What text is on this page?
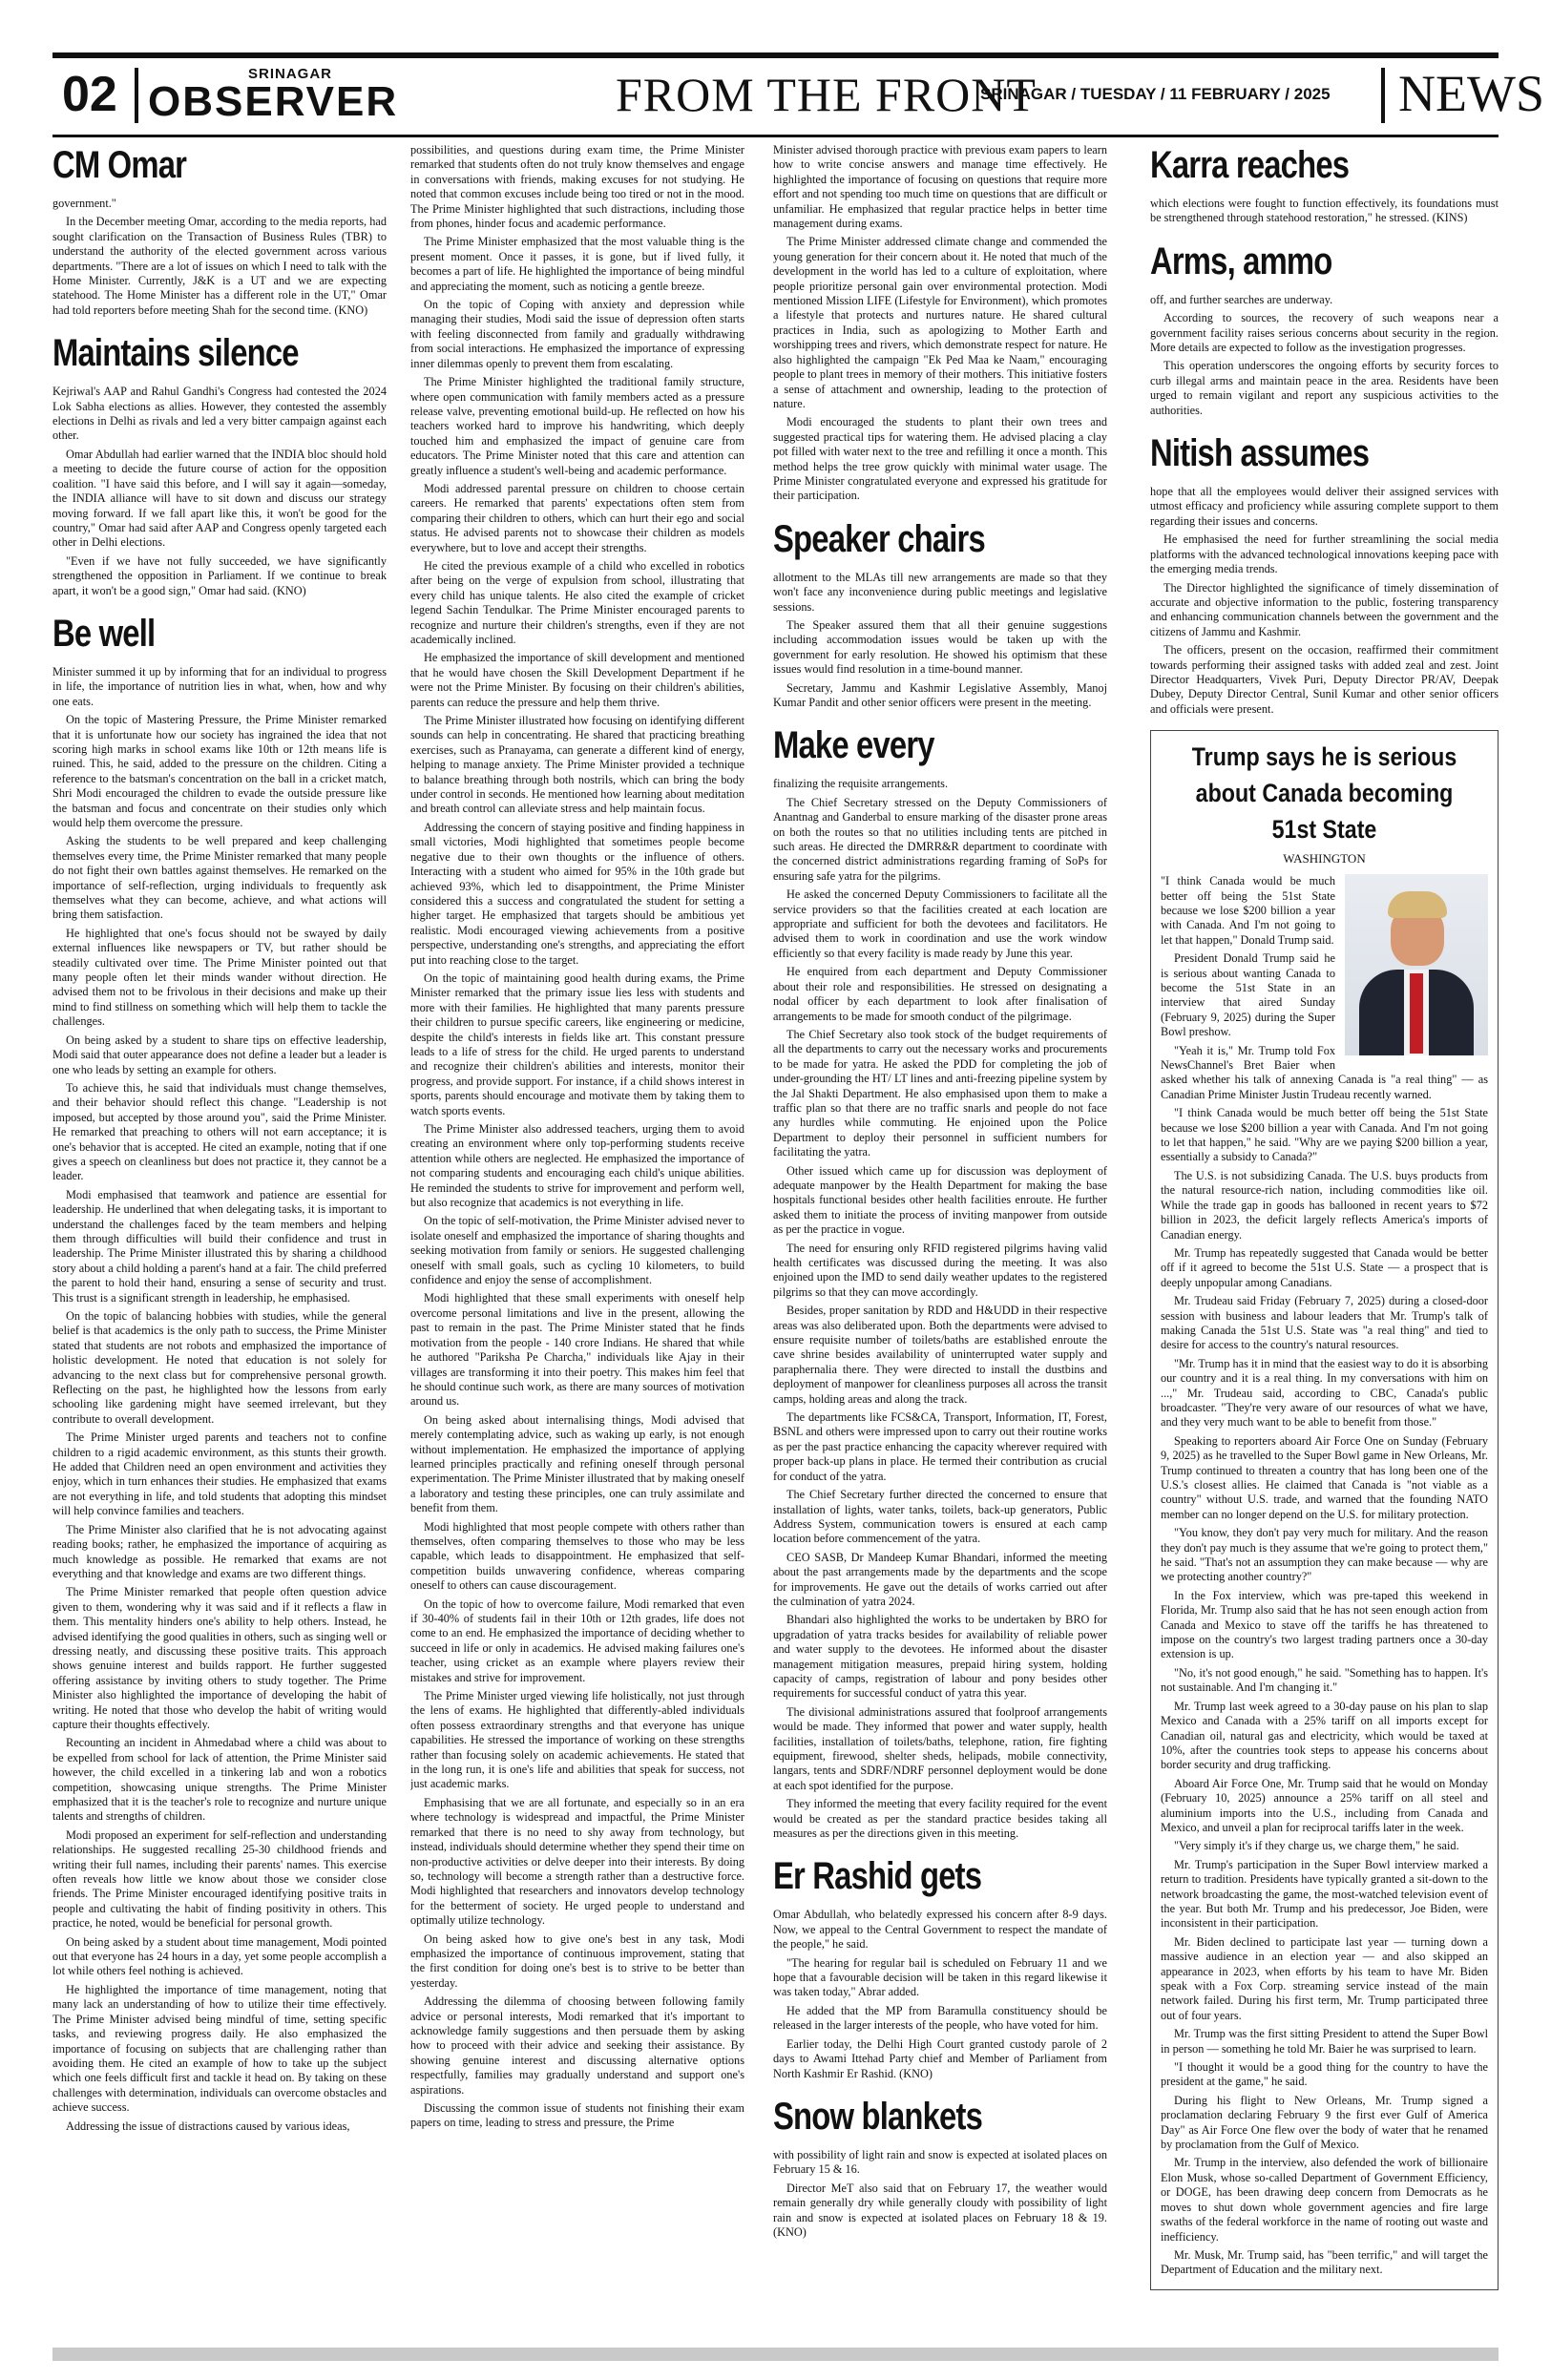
02	SRINAGAR
OBSERVER	FROM THE FRONT
SRINAGAR / TUESDAY / 11 FEBRUARY / 2025 NEWS
CM Omar

government."

In the December meeting Omar, according to the media reports, had sought clarification on the Transaction of Business Rules (TBR) to understand the authority of the elected government across various departments. "There are a lot of issues on which I need to talk with the Home Minister. Currently, J&K is a UT and we are expecting statehood. The Home Minister has a different role in the UT," Omar had told reporters before meeting Shah for the second time. (KNO)

Maintains silence

Kejriwal's AAP and Rahul Gandhi's Congress had contested the 2024 Lok Sabha elections as allies. However, they contested the assembly elections in Delhi as rivals and led a very bitter campaign against each other.

Omar Abdullah had earlier warned that the INDIA bloc should hold a meeting to decide the future course of action for the opposition coalition. "I have said this before, and I will say it again—someday, the INDIA alliance will have to sit down and discuss our strategy moving forward. If we fall apart like this, it won't be good for the country," Omar had said after AAP and Congress openly targeted each other in Delhi elections.

"Even if we have not fully succeeded, we have significantly strengthened the opposition in Parliament. If we continue to break apart, it won't be a good sign," Omar had said. (KNO)

Be well

Minister summed it up by informing that for an individual to progress in life, the importance of nutrition lies in what, when, how and why one eats.

On the topic of Mastering Pressure, the Prime Minister remarked that it is unfortunate how our society has ingrained the idea that not scoring high marks in school exams like 10th or 12th means life is ruined. This, he said, added to the pressure on the children. Citing a reference to the batsman's concentration on the ball in a cricket match, Shri Modi encouraged the children to evade the outside pressure like the batsman and focus and concentrate on their studies only which would help them overcome the pressure.

Asking the students to be well prepared and keep challenging themselves every time, the Prime Minister remarked that many people do not fight their own battles against themselves. He remarked on the importance of self-reflection, urging individuals to frequently ask themselves what they can become, achieve, and what actions will bring them satisfaction.

He highlighted that one's focus should not be swayed by daily external influences like newspapers or TV, but rather should be steadily cultivated over time. The Prime Minister pointed out that many people often let their minds wander without direction. He advised them not to be frivolous in their decisions and make up their mind to find stillness on something which will help them to tackle the challenges.

On being asked by a student to share tips on effective leadership, Modi said that outer appearance does not define a leader but a leader is one who leads by setting an example for others.

To achieve this, he said that individuals must change themselves, and their behavior should reflect this change. "Leadership is not imposed, but accepted by those around you", said the Prime Minister. He remarked that preaching to others will not earn acceptance; it is one's behavior that is accepted. He cited an example, noting that if one gives a speech on cleanliness but does not practice it, they cannot be a leader.

Modi emphasised that teamwork and patience are essential for leadership. He underlined that when delegating tasks, it is important to understand the challenges faced by the team members and helping them through difficulties will build their confidence and trust in leadership. The Prime Minister illustrated this by sharing a childhood story about a child holding a parent's hand at a fair. The child preferred the parent to hold their hand, ensuring a sense of security and trust. This trust is a significant strength in leadership, he emphasised.

On the topic of balancing hobbies with studies, while the general belief is that academics is the only path to success, the Prime Minister stated that students are not robots and emphasized the importance of holistic development. He noted that education is not solely for advancing to the next class but for comprehensive personal growth. Reflecting on the past, he highlighted how the lessons from early schooling like gardening might have seemed irrelevant, but they contribute to overall development.

The Prime Minister urged parents and teachers not to confine children to a rigid academic environment, as this stunts their growth. He added that Children need an open environment and activities they enjoy, which in turn enhances their studies. He emphasized that exams are not everything in life, and told students that adopting this mindset will help convince families and teachers.

The Prime Minister also clarified that he is not advocating against reading books; rather, he emphasized the importance of acquiring as much knowledge as possible. He remarked that exams are not everything and that knowledge and exams are two different things.

The Prime Minister remarked that people often question advice given to them, wondering why it was said and if it reflects a flaw in them. This mentality hinders one's ability to help others. Instead, he advised identifying the good qualities in others, such as singing well or dressing neatly, and discussing these positive traits. This approach shows genuine interest and builds rapport. He further suggested offering assistance by inviting others to study together. The Prime Minister also highlighted the importance of developing the habit of writing. He noted that those who develop the habit of writing would capture their thoughts effectively.

Recounting an incident in Ahmedabad where a child was about to be expelled from school for lack of attention, the Prime Minister said however, the child excelled in a tinkering lab and won a robotics competition, showcasing unique strengths. The Prime Minister emphasized that it is the teacher's role to recognize and nurture unique talents and strengths of children.

Modi proposed an experiment for self-reflection and understanding relationships. He suggested recalling 25-30 childhood friends and writing their full names, including their parents' names. This exercise often reveals how little we know about those we consider close friends. The Prime Minister encouraged identifying positive traits in people and cultivating the habit of finding positivity in others. This practice, he noted, would be beneficial for personal growth.

On being asked by a student about time management, Modi pointed out that everyone has 24 hours in a day, yet some people accomplish a lot while others feel nothing is achieved.

He highlighted the importance of time management, noting that many lack an understanding of how to utilize their time effectively. The Prime Minister advised being mindful of time, setting specific tasks, and reviewing progress daily. He also emphasized the importance of focusing on subjects that are challenging rather than avoiding them. He cited an example of how to take up the subject which one feels difficult first and tackle it head on. By taking on these challenges with determination, individuals can overcome obstacles and achieve success.

Addressing the issue of distractions caused by various ideas,

possibilities, and questions during exam time, the Prime Minister remarked that students often do not truly know themselves and engage in conversations with friends, making excuses for not studying. He noted that common excuses include being too tired or not in the mood. The Prime Minister highlighted that such distractions, including those from phones, hinder focus and academic performance.

The Prime Minister emphasized that the most valuable thing is the present moment. Once it passes, it is gone, but if lived fully, it becomes a part of life. He highlighted the importance of being mindful and appreciating the moment, such as noticing a gentle breeze.

On the topic of Coping with anxiety and depression while managing their studies, Modi said the issue of depression often starts with feeling disconnected from family and gradually withdrawing from social interactions. He emphasized the importance of expressing inner dilemmas openly to prevent them from escalating.

The Prime Minister highlighted the traditional family structure, where open communication with family members acted as a pressure release valve, preventing emotional build-up. He reflected on how his teachers worked hard to improve his handwriting, which deeply touched him and emphasized the impact of genuine care from educators. The Prime Minister noted that this care and attention can greatly influence a student's well-being and academic performance.

Modi addressed parental pressure on children to choose certain careers. He remarked that parents' expectations often stem from comparing their children to others, which can hurt their ego and social status. He advised parents not to showcase their children as models everywhere, but to love and accept their strengths.

He cited the previous example of a child who excelled in robotics after being on the verge of expulsion from school, illustrating that every child has unique talents. He also cited the example of cricket legend Sachin Tendulkar. The Prime Minister encouraged parents to recognize and nurture their children's strengths, even if they are not academically inclined.

He emphasized the importance of skill development and mentioned that he would have chosen the Skill Development Department if he were not the Prime Minister. By focusing on their children's abilities, parents can reduce the pressure and help them thrive.

The Prime Minister illustrated how focusing on identifying different sounds can help in concentrating. He shared that practicing breathing exercises, such as Pranayama, can generate a different kind of energy, helping to manage anxiety. The Prime Minister provided a technique to balance breathing through both nostrils, which can bring the body under control in seconds. He mentioned how learning about meditation and breath control can alleviate stress and help maintain focus.

Addressing the concern of staying positive and finding happiness in small victories, Modi highlighted that sometimes people become negative due to their own thoughts or the influence of others. Interacting with a student who aimed for 95% in the 10th grade but achieved 93%, which led to disappointment, the Prime Minister considered this a success and congratulated the student for setting a higher target. He emphasized that targets should be ambitious yet realistic. Modi encouraged viewing achievements from a positive perspective, understanding one's strengths, and appreciating the effort put into reaching close to the target.

On the topic of maintaining good health during exams, the Prime Minister remarked that the primary issue lies less with students and more with their families. He highlighted that many parents pressure their children to pursue specific careers, like engineering or medicine, despite the child's interests in fields like art. This constant pressure leads to a life of stress for the child. He urged parents to understand and recognize their children's abilities and interests, monitor their progress, and provide support. For instance, if a child shows interest in sports, parents should encourage and motivate them by taking them to watch sports events.

The Prime Minister also addressed teachers, urging them to avoid creating an environment where only top-performing students receive attention while others are neglected. He emphasized the importance of not comparing students and encouraging each child's unique abilities. He reminded the students to strive for improvement and perform well, but also recognize that academics is not everything in life.

On the topic of self-motivation, the Prime Minister advised never to isolate oneself and emphasized the importance of sharing thoughts and seeking motivation from family or seniors. He suggested challenging oneself with small goals, such as cycling 10 kilometers, to build confidence and enjoy the sense of accomplishment.

Modi highlighted that these small experiments with oneself help overcome personal limitations and live in the present, allowing the past to remain in the past. The Prime Minister stated that he finds motivation from the people - 140 crore Indians. He shared that while he authored "Pariksha Pe Charcha," individuals like Ajay in their villages are transforming it into their poetry. This makes him feel that he should continue such work, as there are many sources of motivation around us.

On being asked about internalising things, Modi advised that merely contemplating advice, such as waking up early, is not enough without implementation. He emphasized the importance of applying learned principles practically and refining oneself through personal experimentation. The Prime Minister illustrated that by making oneself a laboratory and testing these principles, one can truly assimilate and benefit from them.

Modi highlighted that most people compete with others rather than themselves, often comparing themselves to those who may be less capable, which leads to disappointment. He emphasized that self-competition builds unwavering confidence, whereas comparing oneself to others can cause discouragement.

On the topic of how to overcome failure, Modi remarked that even if 30-40% of students fail in their 10th or 12th grades, life does not come to an end. He emphasized the importance of deciding whether to succeed in life or only in academics. He advised making failures one's teacher, using cricket as an example where players review their mistakes and strive for improvement.

The Prime Minister urged viewing life holistically, not just through the lens of exams. He highlighted that differently-abled individuals often possess extraordinary strengths and that everyone has unique capabilities. He stressed the importance of working on these strengths rather than focusing solely on academic achievements. He stated that in the long run, it is one's life and abilities that speak for success, not just academic marks.

Emphasising that we are all fortunate, and especially so in an era where technology is widespread and impactful, the Prime Minister remarked that there is no need to shy away from technology, but instead, individuals should determine whether they spend their time on non-productive activities or delve deeper into their interests. By doing so, technology will become a strength rather than a destructive force. Modi highlighted that researchers and innovators develop technology for the betterment of society. He urged people to understand and optimally utilize technology.

On being asked how to give one's best in any task, Modi emphasized the importance of continuous improvement, stating that the first condition for doing one's best is to strive to be better than yesterday.

Addressing the dilemma of choosing between following family advice or personal interests, Modi remarked that it's important to acknowledge family suggestions and then persuade them by asking how to proceed with their advice and seeking their assistance. By showing genuine interest and discussing alternative options respectfully, families may gradually understand and support one's aspirations.

Discussing the common issue of students not finishing their exam papers on time, leading to stress and pressure, the Prime

Minister advised thorough practice with previous exam papers to learn how to write concise answers and manage time effectively. He highlighted the importance of focusing on questions that require more effort and not spending too much time on questions that are difficult or unfamiliar. He emphasized that regular practice helps in better time management during exams.

The Prime Minister addressed climate change and commended the young generation for their concern about it. He noted that much of the development in the world has led to a culture of exploitation, where people prioritize personal gain over environmental protection. Modi mentioned Mission LIFE (Lifestyle for Environment), which promotes a lifestyle that protects and nurtures nature. He shared cultural practices in India, such as apologizing to Mother Earth and worshipping trees and rivers, which demonstrate respect for nature. He also highlighted the campaign "Ek Ped Maa ke Naam," encouraging people to plant trees in memory of their mothers. This initiative fosters a sense of attachment and ownership, leading to the protection of nature.

Modi encouraged the students to plant their own trees and suggested practical tips for watering them. He advised placing a clay pot filled with water next to the tree and refilling it once a month. This method helps the tree grow quickly with minimal water usage. The Prime Minister congratulated everyone and expressed his gratitude for their participation.

Speaker chairs

allotment to the MLAs till new arrangements are made so that they won't face any inconvenience during public meetings and legislative sessions.

The Speaker assured them that all their genuine suggestions including accommodation issues would be taken up with the government for early resolution. He showed his optimism that these issues would find resolution in a time-bound manner.

Secretary, Jammu and Kashmir Legislative Assembly, Manoj Kumar Pandit and other senior officers were present in the meeting.

Make every

finalizing the requisite arrangements.

The Chief Secretary stressed on the Deputy Commissioners of Anantnag and Ganderbal to ensure marking of the disaster prone areas on both the routes so that no utilities including tents are pitched in such areas. He directed the DMRR&R department to coordinate with the concerned district administrations regarding framing of SoPs for ensuring safe yatra for the pilgrims.

He asked the concerned Deputy Commissioners to facilitate all the service providers so that the facilities created at each location are appropriate and sufficient for both the devotees and facilitators. He advised them to work in coordination and use the work window efficiently so that every facility is made ready by June this year.

He enquired from each department and Deputy Commissioner about their role and responsibilities. He stressed on designating a nodal officer by each department to look after finalisation of arrangements to be made for smooth conduct of the pilgrimage.

The Chief Secretary also took stock of the budget requirements of all the departments to carry out the necessary works and procurements to be made for yatra. He asked the PDD for completing the job of under-grounding the HT/ LT lines and anti-freezing pipeline system by the Jal Shakti Department. He also emphasised upon them to make a traffic plan so that there are no traffic snarls and people do not face any hurdles while commuting. He enjoined upon the Police Department to deploy their personnel in sufficient numbers for facilitating the yatra.

Other issued which came up for discussion was deployment of adequate manpower by the Health Department for making the base hospitals functional besides other health facilities enroute. He further asked them to initiate the process of inviting manpower from outside as per the practice in vogue.

The need for ensuring only RFID registered pilgrims having valid health certificates was discussed during the meeting. It was also enjoined upon the IMD to send daily weather updates to the registered pilgrims so that they can move accordingly.

Besides, proper sanitation by RDD and H&UDD in their respective areas was also deliberated upon. Both the departments were advised to ensure requisite number of toilets/baths are established enroute the cave shrine besides availability of uninterrupted water supply and paraphernalia there. They were directed to install the dustbins and deployment of manpower for cleanliness purposes all across the transit camps, holding areas and along the track.

The departments like FCS&CA, Transport, Information, IT, Forest, BSNL and others were impressed upon to carry out their routine works as per the past practice enhancing the capacity wherever required with proper back-up plans in place. He termed their contribution as crucial for conduct of the yatra.

The Chief Secretary further directed the concerned to ensure that installation of lights, water tanks, toilets, back-up generators, Public Address System, communication towers is ensured at each camp location before commencement of the yatra.

CEO SASB, Dr Mandeep Kumar Bhandari, informed the meeting about the past arrangements made by the departments and the scope for improvements. He gave out the details of works carried out after the culmination of yatra 2024.

Bhandari also highlighted the works to be undertaken by BRO for upgradation of yatra tracks besides for availability of reliable power and water supply to the devotees. He informed about the disaster management mitigation measures, prepaid hiring system, holding capacity of camps, registration of labour and pony besides other requirements for successful conduct of yatra this year.

The divisional administrations assured that foolproof arrangements would be made. They informed that power and water supply, health facilities, installation of toilets/baths, telephone, ration, fire fighting equipment, firewood, shelter sheds, helipads, mobile connectivity, langars, tents and SDRF/NDRF personnel deployment would be done at each spot identified for the purpose.

They informed the meeting that every facility required for the event would be created as per the standard practice besides taking all measures as per the directions given in this meeting.

Er Rashid gets

Omar Abdullah, who belatedly expressed his concern after 8-9 days. Now, we appeal to the Central Government to respect the mandate of the people," he said.

"The hearing for regular bail is scheduled on February 11 and we hope that a favourable decision will be taken in this regard likewise it was taken today," Abrar added.

He added that the MP from Baramulla constituency should be released in the larger interests of the people, who have voted for him.

Earlier today, the Delhi High Court granted custody parole of 2 days to Awami Ittehad Party chief and Member of Parliament from North Kashmir Er Rashid. (KNO)

Snow blankets

with possibility of light rain and snow is expected at isolated places on February 15 & 16.

Director MeT also said that on February 17, the weather would remain generally dry while generally cloudy with possibility of light rain and snow is expected at isolated places on February 18 & 19. (KNO)

Karra reaches

which elections were fought to function effectively, its foundations must be strengthened through statehood restoration," he stressed. (KINS)

Arms, ammo

off, and further searches are underway.

According to sources, the recovery of such weapons near a government facility raises serious concerns about security in the region. More details are expected to follow as the investigation progresses.

This operation underscores the ongoing efforts by security forces to curb illegal arms and maintain peace in the area. Residents have been urged to remain vigilant and report any suspicious activities to the authorities.

Nitish assumes

hope that all the employees would deliver their assigned services with utmost efficacy and proficiency while assuring complete support to them regarding their issues and concerns.

He emphasised the need for further streamlining the social media platforms with the advanced technological innovations keeping pace with the emerging media trends.

The Director highlighted the significance of timely dissemination of accurate and objective information to the public, fostering transparency and enhancing communication channels between the government and the citizens of Jammu and Kashmir.

The officers, present on the occasion, reaffirmed their commitment towards performing their assigned tasks with added zeal and zest. Joint Director Headquarters, Vivek Puri, Deputy Director PR/AV, Deepak Dubey, Deputy Director Central, Sunil Kumar and other senior officers and officials were present.

Trump says he is serious about Canada becoming 51st State
WASHINGTON

"I think Canada would be much better off being the 51st State because we lose $200 billion a year with Canada. And I'm not going to let that happen," Donald Trump said.

President Donald Trump said he is serious about wanting Canada to become the 51st State in an interview that aired Sunday (February 9, 2025) during the Super Bowl preshow.

"Yeah it is," Mr. Trump told Fox NewsChannel's Bret Baier when asked whether his talk of annexing Canada is "a real thing" — as Canadian Prime Minister Justin Trudeau recently warned.

"I think Canada would be much better off being the 51st State because we lose $200 billion a year with Canada. And I'm not going to let that happen," he said. "Why are we paying $200 billion a year, essentially a subsidy to Canada?"

The U.S. is not subsidizing Canada. The U.S. buys products from the natural resource-rich nation, including commodities like oil. While the trade gap in goods has ballooned in recent years to $72 billion in 2023, the deficit largely reflects America's imports of Canadian energy.

Mr. Trump has repeatedly suggested that Canada would be better off if it agreed to become the 51st U.S. State — a prospect that is deeply unpopular among Canadians.

Mr. Trudeau said Friday (February 7, 2025) during a closed-door session with business and labour leaders that Mr. Trump's talk of making Canada the 51st U.S. State was "a real thing" and tied to desire for access to the country's natural resources.

"Mr. Trump has it in mind that the easiest way to do it is absorbing our country and it is a real thing. In my conversations with him on ...," Mr. Trudeau said, according to CBC, Canada's public broadcaster. "They're very aware of our resources of what we have, and they very much want to be able to benefit from those."

Speaking to reporters aboard Air Force One on Sunday (February 9, 2025) as he travelled to the Super Bowl game in New Orleans, Mr. Trump continued to threaten a country that has long been one of the U.S.'s closest allies. He claimed that Canada is "not viable as a country" without U.S. trade, and warned that the founding NATO member can no longer depend on the U.S. for military protection.

"You know, they don't pay very much for military. And the reason they don't pay much is they assume that we're going to protect them," he said. "That's not an assumption they can make because — why are we protecting another country?"

In the Fox interview, which was pre-taped this weekend in Florida, Mr. Trump also said that he has not seen enough action from Canada and Mexico to stave off the tariffs he has threatened to impose on the country's two largest trading partners once a 30-day extension is up.

"No, it's not good enough," he said. "Something has to happen. It's not sustainable. And I'm changing it."

Mr. Trump last week agreed to a 30-day pause on his plan to slap Mexico and Canada with a 25% tariff on all imports except for Canadian oil, natural gas and electricity, which would be taxed at 10%, after the countries took steps to appease his concerns about border security and drug trafficking.

Aboard Air Force One, Mr. Trump said that he would on Monday (February 10, 2025) announce a 25% tariff on all steel and aluminium imports into the U.S., including from Canada and Mexico, and unveil a plan for reciprocal tariffs later in the week.

"Very simply it's if they charge us, we charge them," he said.

Mr. Trump's participation in the Super Bowl interview marked a return to tradition. Presidents have typically granted a sit-down to the network broadcasting the game, the most-watched television event of the year. But both Mr. Trump and his predecessor, Joe Biden, were inconsistent in their participation.

Mr. Biden declined to participate last year — turning down a massive audience in an election year — and also skipped an appearance in 2023, when efforts by his team to have Mr. Biden speak with a Fox Corp. streaming service instead of the main network failed. During his first term, Mr. Trump participated three out of four years.

Mr. Trump was the first sitting President to attend the Super Bowl in person — something he told Mr. Baier he was surprised to learn.

"I thought it would be a good thing for the country to have the president at the game," he said.

During his flight to New Orleans, Mr. Trump signed a proclamation declaring February 9 the first ever Gulf of America Day" as Air Force One flew over the body of water that he renamed by proclamation from the Gulf of Mexico.

Mr. Trump in the interview, also defended the work of billionaire Elon Musk, whose so-called Department of Government Efficiency, or DOGE, has been drawing deep concern from Democrats as he moves to shut down whole government agencies and fire large swaths of the federal workforce in the name of rooting out waste and inefficiency.

Mr. Musk, Mr. Trump said, has "been terrific," and will target the Department of Education and the military next.
